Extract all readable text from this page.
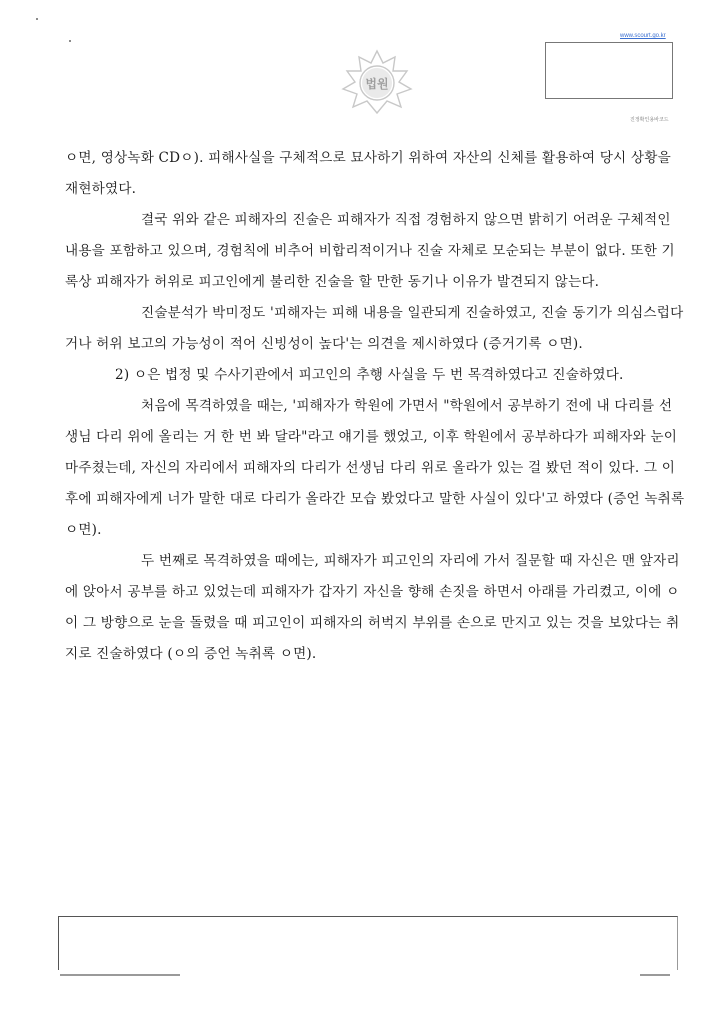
법원
www.scourt.go.kr
진정확인용바코드

ㅇ면, 영상녹화 CDㅇ). 피해사실을 구체적으로 묘사하기 위하여 자산의 신체를 활용하여 당시 상황을 재현하였다.

결국 위와 같은 피해자의 진술은 피해자가 직접 경험하지 않으면 밝히기 어려운 구체적인 내용을 포함하고 있으며, 경험칙에 비추어 비합리적이거나 진술 자체로 모순되는 부분이 없다. 또한 기록상 피해자가 허위로 피고인에게 불리한 진술을 할 만한 동기나 이유가 발견되지 않는다.

진술분석가 박미정도 '피해자는 피해 내용을 일관되게 진술하였고, 진술 동기가 의심스럽다거나 허위 보고의 가능성이 적어 신빙성이 높다'는 의견을 제시하였다 (증거기록 ㅇ면).

2) ㅇ은 법정 및 수사기관에서 피고인의 추행 사실을 두 번 목격하였다고 진술하였다.

처음에 목격하였을 때는, '피해자가 학원에 가면서 "학원에서 공부하기 전에 내 다리를 선생님 다리 위에 올리는 거 한 번 봐 달라"라고 얘기를 했었고, 이후 학원에서 공부하다가 피해자와 눈이 마주쳤는데, 자신의 자리에서 피해자의 다리가 선생님 다리 위로 올라가 있는 걸 봤던 적이 있다. 그 이후에 피해자에게 너가 말한 대로 다리가 올라간 모습 봤었다고 말한 사실이 있다'고 하였다 (증언 녹취록 ㅇ면).

두 번째로 목격하였을 때에는, 피해자가 피고인의 자리에 가서 질문할 때 자신은 맨 앞자리에 앉아서 공부를 하고 있었는데 피해자가 갑자기 자신을 향해 손짓을 하면서 아래를 가리켰고, 이에 ㅇ이 그 방향으로 눈을 돌렸을 때 피고인이 피해자의 허벅지 부위를 손으로 만지고 있는 것을 보았다는 취지로 진술하였다 (ㅇ의 증언 녹취록 ㅇ면).
